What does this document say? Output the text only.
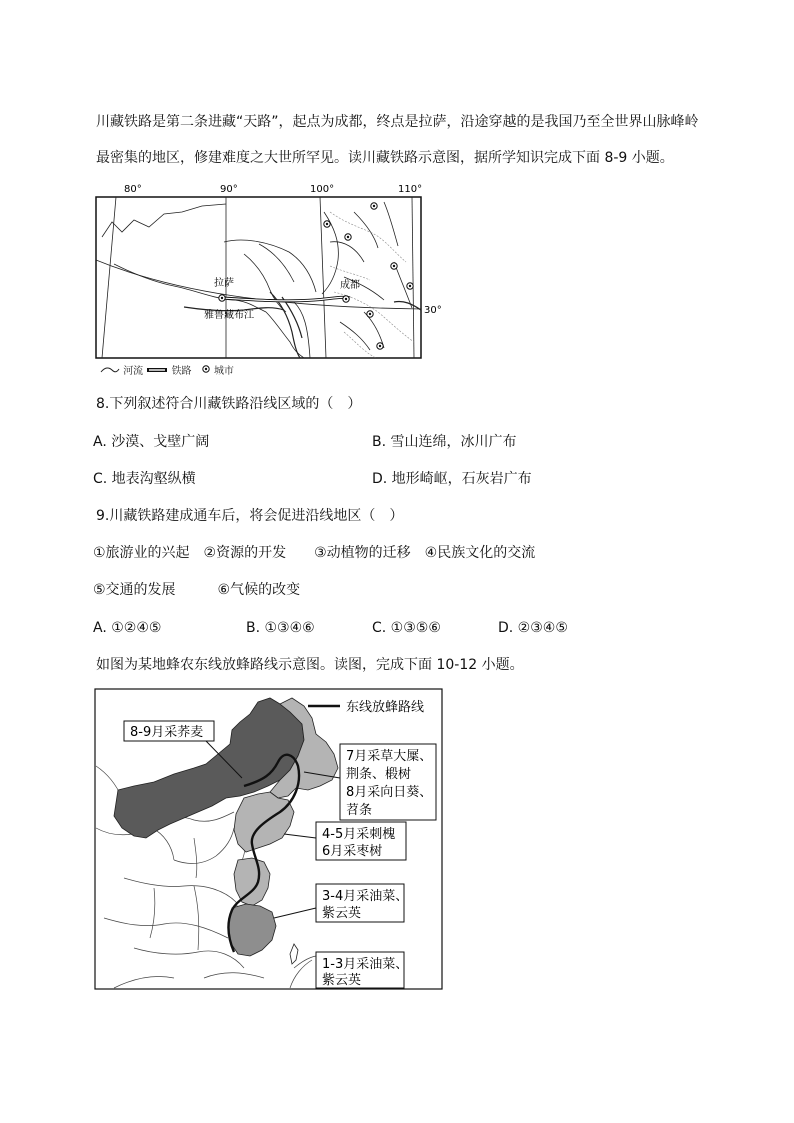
川藏铁路是第二条进藏“天路”，起点为成都，终点是拉萨，沿途穿越的是我国乃至全世界山脉峰岭
最密集的地区，修建难度之大世所罕见。读川藏铁路示意图，据所学知识完成下面 8-9 小题。
80°	90°	100°	110°
拉萨	成都
雅鲁藏布江	30°
河流	铁路 城市
8.下列叙述符合川藏铁路沿线区域的（　）
A. 沙漠、戈壁广阔	B. 雪山连绵，冰川广布
C. 地表沟壑纵横	D. 地形崎岖，石灰岩广布
9.川藏铁路建成通车后，将会促进沿线地区（　）
①旅游业的兴起　②资源的开发　　③动植物的迁移　④民族文化的交流
⑤交通的发展　　　⑥气候的改变
A. ①②④⑤	B. ①③④⑥	C. ①③⑤⑥	D. ②③④⑤
如图为某地蜂农东线放蜂路线示意图。读图，完成下面 10-12 小题。
东线放蜂路线
8-9月采荞麦
7月采草大屟、
荆条、椴树
8月采向日葵、
苕条
4-5月采刺槐
6月采枣树
3-4月采油菜、
紫云英
1-3月采油菜、
紫云英
